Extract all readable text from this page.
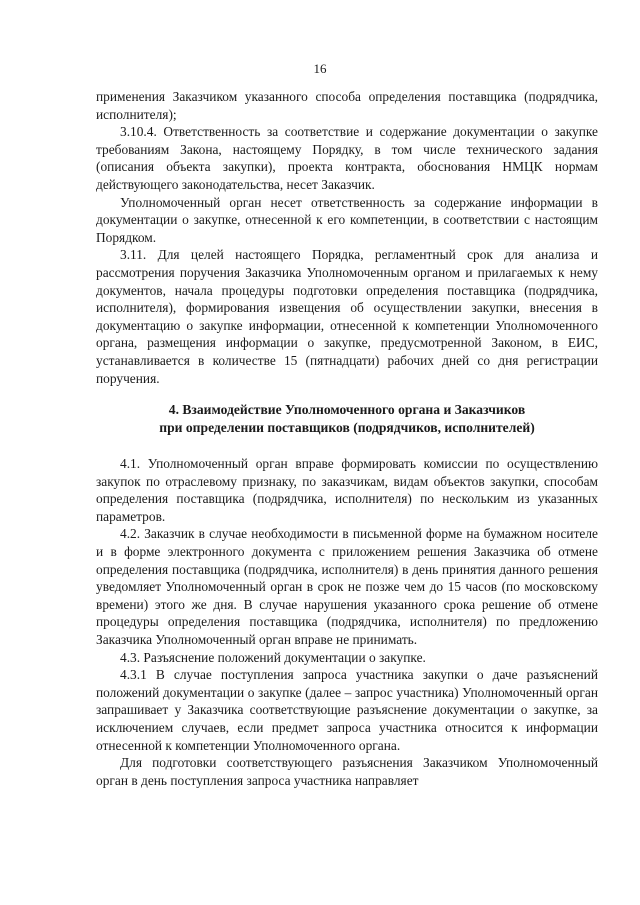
16

применения Заказчиком указанного способа определения поставщика (подрядчика, исполнителя);

3.10.4. Ответственность за соответствие и содержание документации о закупке требованиям Закона, настоящему Порядку, в том числе технического задания (описания объекта закупки), проекта контракта, обоснования НМЦК нормам действующего законодательства, несет Заказчик.

Уполномоченный орган несет ответственность за содержание информации в документации о закупке, отнесенной к его компетенции, в соответствии с настоящим Порядком.

3.11. Для целей настоящего Порядка, регламентный срок для анализа и рассмотрения поручения Заказчика Уполномоченным органом и прилагаемых к нему документов, начала процедуры подготовки определения поставщика (подрядчика, исполнителя), формирования извещения об осуществлении закупки, внесения в документацию о закупке информации, отнесенной к компетенции Уполномоченного органа, размещения информации о закупке, предусмотренной Законом, в ЕИС, устанавливается в количестве 15 (пятнадцати) рабочих дней со дня регистрации поручения.

4. Взаимодействие Уполномоченного органа и Заказчиков
при определении поставщиков (подрядчиков, исполнителей)

4.1. Уполномоченный орган вправе формировать комиссии по осуществлению закупок по отраслевому признаку, по заказчикам, видам объектов закупки, способам определения поставщика (подрядчика, исполнителя) по нескольким из указанных параметров.

4.2. Заказчик в случае необходимости в письменной форме на бумажном носителе и в форме электронного документа с приложением решения Заказчика об отмене определения поставщика (подрядчика, исполнителя) в день принятия данного решения уведомляет Уполномоченный орган в срок не позже чем до 15 часов (по московскому времени) этого же дня. В случае нарушения указанного срока решение об отмене процедуры определения поставщика (подрядчика, исполнителя) по предложению Заказчика Уполномоченный орган вправе не принимать.

4.3. Разъяснение положений документации о закупке.

4.3.1 В случае поступления запроса участника закупки о даче разъяснений положений документации о закупке (далее – запрос участника) Уполномоченный орган запрашивает у Заказчика соответствующие разъяснение документации о закупке, за исключением случаев, если предмет запроса участника относится к информации отнесенной к компетенции Уполномоченного органа.

Для подготовки соответствующего разъяснения Заказчиком Уполномоченный орган в день поступления запроса участника направляет
